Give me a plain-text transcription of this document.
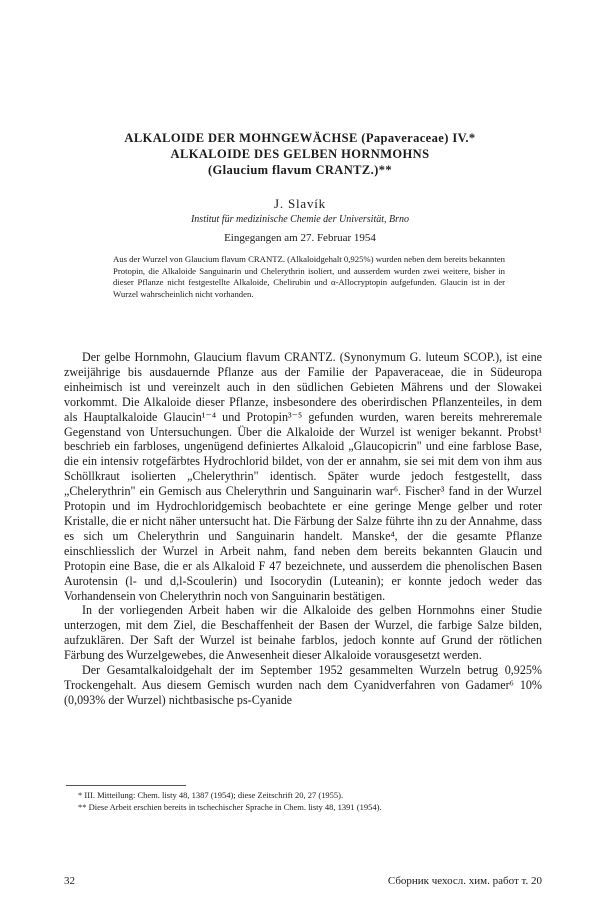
ALKALOIDE DER MOHNGEWÄCHSE (Papaveraceae) IV.*
ALKALOIDE DES GELBEN HORNMOHNS
(Glaucium flavum CRANTZ.)**
J. Slavík
Institut für medizinische Chemie der Universität, Brno
Eingegangen am 27. Februar 1954
Aus der Wurzel von Glaucium flavum CRANTZ. (Alkaloidgehalt 0,925%) wurden neben dem bereits bekannten Protopin, die Alkaloide Sanguinarin und Chelerythrin isoliert, und ausserdem wurden zwei weitere, bisher in dieser Pflanze nicht festgestellte Alkaloide, Chelirubin und α-Allocryptopin aufgefunden. Glaucin ist in der Wurzel wahrscheinlich nicht vorhanden.

Der gelbe Hornmohn, Glaucium flavum CRANTZ. (Synonymum G. luteum SCOP.), ist eine zweijährige bis ausdauernde Pflanze aus der Familie der Papaveraceae, die in Südeuropa einheimisch ist und vereinzelt auch in den südlichen Gebieten Mährens und der Slowakei vorkommt. Die Alkaloide dieser Pflanze, insbesondere des oberirdischen Pflanzenteiles, in dem als Hauptalkaloide Glaucin¹⁻⁴ und Protopin³⁻⁵ gefunden wurden, waren bereits mehreremale Gegenstand von Untersuchungen. Über die Alkaloide der Wurzel ist weniger bekannt. Probst¹ beschrieb ein farbloses, ungenügend definiertes Alkaloid „Glaucopicrin" und eine farblose Base, die ein intensiv rotgefärbtes Hydrochlorid bildet, von der er annahm, sie sei mit dem von ihm aus Schöllkraut isolierten „Chelerythrin" identisch. Später wurde jedoch festgestellt, dass „Chelerythrin" ein Gemisch aus Chelerythrin und Sanguinarin war⁶. Fischer³ fand in der Wurzel Protopin und im Hydrochloridgemisch beobachtete er eine geringe Menge gelber und roter Kristalle, die er nicht näher untersucht hat. Die Färbung der Salze führte ihn zu der Annahme, dass es sich um Chelerythrin und Sanguinarin handelt. Manske⁴, der die gesamte Pflanze einschliesslich der Wurzel in Arbeit nahm, fand neben dem bereits bekannten Glaucin und Protopin eine Base, die er als Alkaloid F 47 bezeichnete, und ausserdem die phenolischen Basen Aurotensin (l- und d,l-Scoulerin) und Isocorydin (Luteanin); er konnte jedoch weder das Vorhandensein von Chelerythrin noch von Sanguinarin bestätigen.

In der vorliegenden Arbeit haben wir die Alkaloide des gelben Hornmohns einer Studie unterzogen, mit dem Ziel, die Beschaffenheit der Basen der Wurzel, die farbige Salze bilden, aufzuklären. Der Saft der Wurzel ist beinahe farblos, jedoch konnte auf Grund der rötlichen Färbung des Wurzelgewebes, die Anwesenheit dieser Alkaloide vorausgesetzt werden.

Der Gesamtalkaloidgehalt der im September 1952 gesammelten Wurzeln betrug 0,925% Trockengehalt. Aus diesem Gemisch wurden nach dem Cyanidverfahren von Gadamer⁶ 10% (0,093% der Wurzel) nichtbasische ps-Cyanide

* III. Mitteilung: Chem. listy 48, 1387 (1954); diese Zeitschrift 20, 27 (1955).
** Diese Arbeit erschien bereits in tschechischer Sprache in Chem. listy 48, 1391 (1954).
32	Сборник чехосл. хим. работ т. 20
